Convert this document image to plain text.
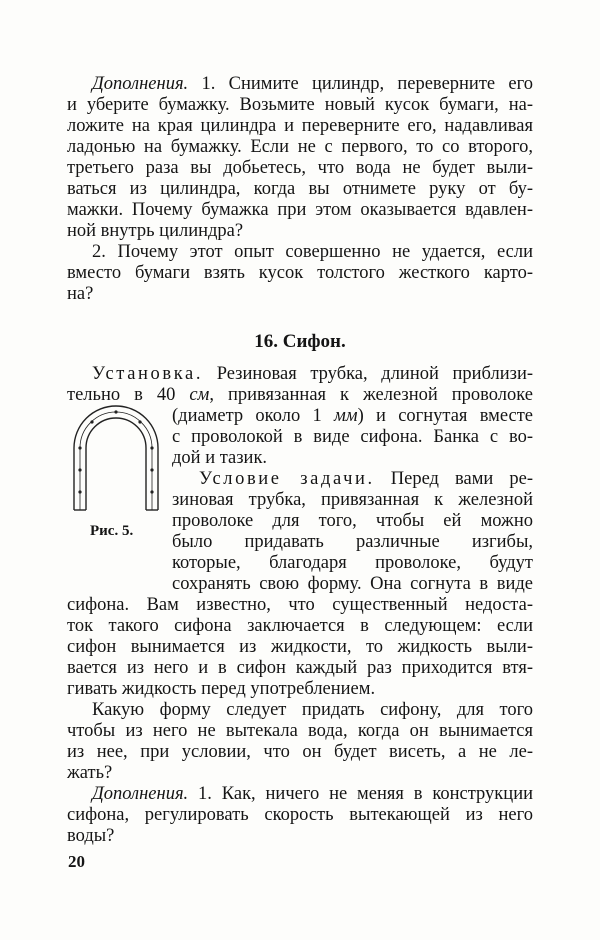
Дополнения. 1. Снимите цилиндр, переверните его
и уберите бумажку. Возьмите новый кусок бумаги, на-
ложите на края цилиндра и переверните его, надавливая
ладонью на бумажку. Если не с первого, то со второго,
третьего раза вы добьетесь, что вода не будет выли-
ваться из цилиндра, когда вы отнимете руку от бу-
мажки. Почему бумажка при этом оказывается вдавлен-
ной внутрь цилиндра?
2. Почему этот опыт совершенно не удается, если
вместо бумаги взять кусок толстого жесткого карто-
на?
16. Сифон.
Установка. Резиновая трубка, длиной приблизи-
тельно в 40 см, привязанная к железной проволоке
(диаметр около 1 мм) и согнутая вместе
с проволокой в виде сифона. Банка с во-
дой и тазик.
Условие задачи. Перед вами ре-
зиновая трубка, привязанная к железной
проволоке для того, чтобы ей можно
было придавать различные изгибы,
которые, благодаря проволоке, будут
сохранять свою форму. Она согнута в виде
сифона. Вам известно, что существенный недоста-
ток такого сифона заключается в следующем: если
сифон вынимается из жидкости, то жидкость выли-
вается из него и в сифон каждый раз приходится втя-
гивать жидкость перед употреблением.
Какую форму следует придать сифону, для того
чтобы из него не вытекала вода, когда он вынимается
из нее, при условии, что он будет висеть, а не ле-
жать?
Дополнения. 1. Как, ничего не меняя в конструкции
сифона, регулировать скорость вытекающей из него
воды?
Рис. 5.
20
